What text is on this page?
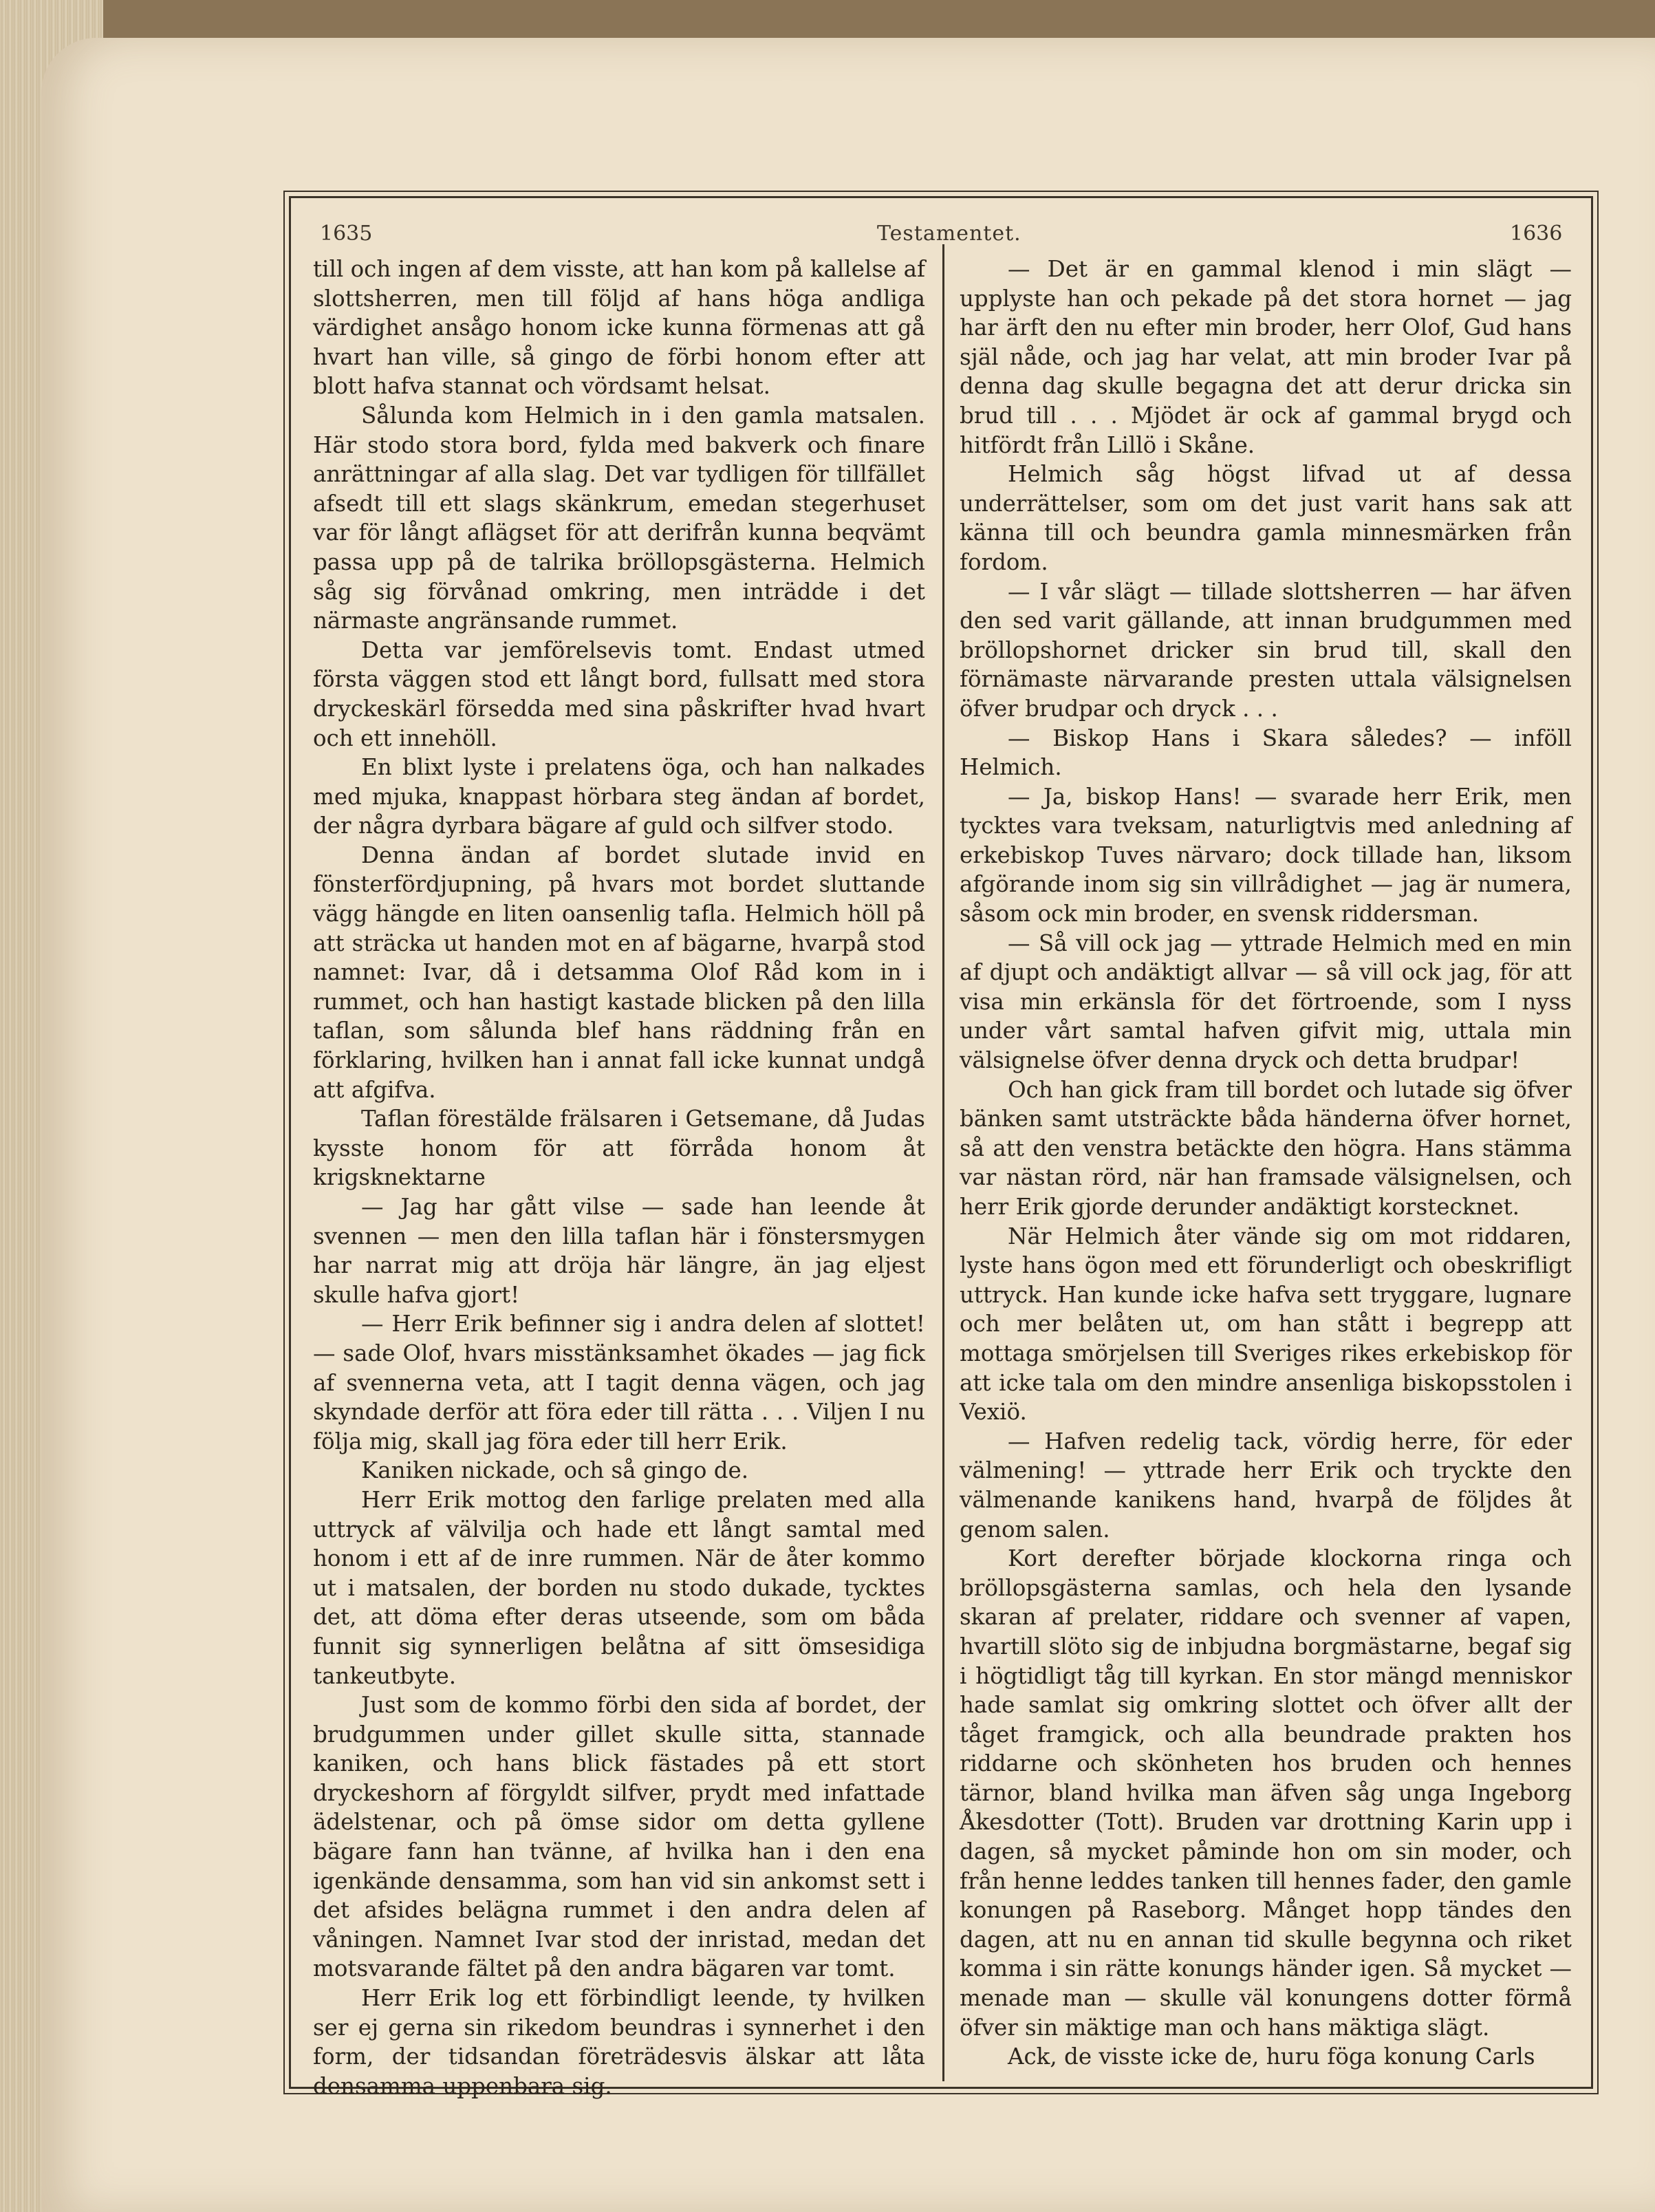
1635	Testamentet.	1636

till och ingen af dem visste, att han kom på kallelse af slottsherren, men till följd af hans höga andliga värdighet ansågo honom icke kunna förmenas att gå hvart han ville, så gingo de förbi honom efter att blott hafva stannat och vördsamt helsat.

Sålunda kom Helmich in i den gamla matsalen. Här stodo stora bord, fylda med bakverk och finare anrättningar af alla slag. Det var tydligen för tillfället afsedt till ett slags skänkrum, emedan stegerhuset var för långt aflägset för att derifrån kunna beqvämt passa upp på de talrika bröllopsgästerna. Helmich såg sig förvånad omkring, men inträdde i det närmaste angränsande rummet.

Detta var jemförelsevis tomt. Endast utmed första väggen stod ett långt bord, fullsatt med stora dryckeskärl försedda med sina påskrifter hvad hvart och ett innehöll.

En blixt lyste i prelatens öga, och han nalkades med mjuka, knappast hörbara steg ändan af bordet, der några dyrbara bägare af guld och silfver stodo.

Denna ändan af bordet slutade invid en fönsterfördjupning, på hvars mot bordet sluttande vägg hängde en liten oansenlig tafla. Helmich höll på att sträcka ut handen mot en af bägarne, hvarpå stod namnet: Ivar, då i detsamma Olof Råd kom in i rummet, och han hastigt kastade blicken på den lilla taflan, som sålunda blef hans räddning från en förklaring, hvilken han i annat fall icke kunnat undgå att afgifva.

Taflan förestälde frälsaren i Getsemane, då Judas kysste honom för att förråda honom åt krigsknektarne

— Jag har gått vilse — sade han leende åt svennen — men den lilla taflan här i fönstersmygen har narrat mig att dröja här längre, än jag eljest skulle hafva gjort!

— Herr Erik befinner sig i andra delen af slottet! — sade Olof, hvars misstänksamhet ökades — jag fick af svennerna veta, att I tagit denna vägen, och jag skyndade derför att föra eder till rätta . . . Viljen I nu följa mig, skall jag föra eder till herr Erik.

Kaniken nickade, och så gingo de.

Herr Erik mottog den farlige prelaten med alla uttryck af välvilja och hade ett långt samtal med honom i ett af de inre rummen. När de åter kommo ut i matsalen, der borden nu stodo dukade, tycktes det, att döma efter deras utseende, som om båda funnit sig synnerligen belåtna af sitt ömsesidiga tankeutbyte.

Just som de kommo förbi den sida af bordet, der brudgummen under gillet skulle sitta, stannade kaniken, och hans blick fästades på ett stort dryckeshorn af förgyldt silfver, prydt med infattade ädelstenar, och på ömse sidor om detta gyllene bägare fann han tvänne, af hvilka han i den ena igenkände densamma, som han vid sin ankomst sett i det afsides belägna rummet i den andra delen af våningen. Namnet Ivar stod der inristad, medan det motsvarande fältet på den andra bägaren var tomt.

Herr Erik log ett förbindligt leende, ty hvilken ser ej gerna sin rikedom beundras i synnerhet i den form, der tidsandan företrädesvis älskar att låta densamma uppenbara sig.

— Det är en gammal klenod i min slägt — upplyste han och pekade på det stora hornet — jag har ärft den nu efter min broder, herr Olof, Gud hans själ nåde, och jag har velat, att min broder Ivar på denna dag skulle begagna det att derur dricka sin brud till . . . Mjödet är ock af gammal brygd och hitfördt från Lillö i Skåne.

Helmich såg högst lifvad ut af dessa underrättelser, som om det just varit hans sak att känna till och beundra gamla minnesmärken från fordom.

— I vår slägt — tillade slottsherren — har äfven den sed varit gällande, att innan brudgummen med bröllopshornet dricker sin brud till, skall den förnämaste närvarande presten uttala välsignelsen öfver brudpar och dryck . . .

— Biskop Hans i Skara således? — inföll Helmich.

— Ja, biskop Hans! — svarade herr Erik, men tycktes vara tveksam, naturligtvis med anledning af erkebiskop Tuves närvaro; dock tillade han, liksom afgörande inom sig sin villrådighet — jag är numera, såsom ock min broder, en svensk riddersman.

— Så vill ock jag — yttrade Helmich med en min af djupt och andäktigt allvar — så vill ock jag, för att visa min erkänsla för det förtroende, som I nyss under vårt samtal hafven gifvit mig, uttala min välsignelse öfver denna dryck och detta brudpar!

Och han gick fram till bordet och lutade sig öfver bänken samt utsträckte båda händerna öfver hornet, så att den venstra betäckte den högra. Hans stämma var nästan rörd, när han framsade välsignelsen, och herr Erik gjorde derunder andäktigt korstecknet.

När Helmich åter vände sig om mot riddaren, lyste hans ögon med ett förunderligt och obeskrifligt uttryck. Han kunde icke hafva sett tryggare, lugnare och mer belåten ut, om han stått i begrepp att mottaga smörjelsen till Sveriges rikes erkebiskop för att icke tala om den mindre ansenliga biskopsstolen i Vexiö.

— Hafven redelig tack, vördig herre, för eder välmening! — yttrade herr Erik och tryckte den välmenande kanikens hand, hvarpå de följdes åt genom salen.

Kort derefter började klockorna ringa och bröllopsgästerna samlas, och hela den lysande skaran af prelater, riddare och svenner af vapen, hvartill slöto sig de inbjudna borgmästarne, begaf sig i högtidligt tåg till kyrkan. En stor mängd menniskor hade samlat sig omkring slottet och öfver allt der tåget framgick, och alla beundrade prakten hos riddarne och skönheten hos bruden och hennes tärnor, bland hvilka man äfven såg unga Ingeborg Åkesdotter (Tott). Bruden var drottning Karin upp i dagen, så mycket påminde hon om sin moder, och från henne leddes tanken till hennes fader, den gamle konungen på Raseborg. Månget hopp tändes den dagen, att nu en annan tid skulle begynna och riket komma i sin rätte konungs händer igen. Så mycket — menade man — skulle väl konungens dotter förmå öfver sin mäktige man och hans mäktiga slägt.

Ack, de visste icke de, huru föga konung Carls
